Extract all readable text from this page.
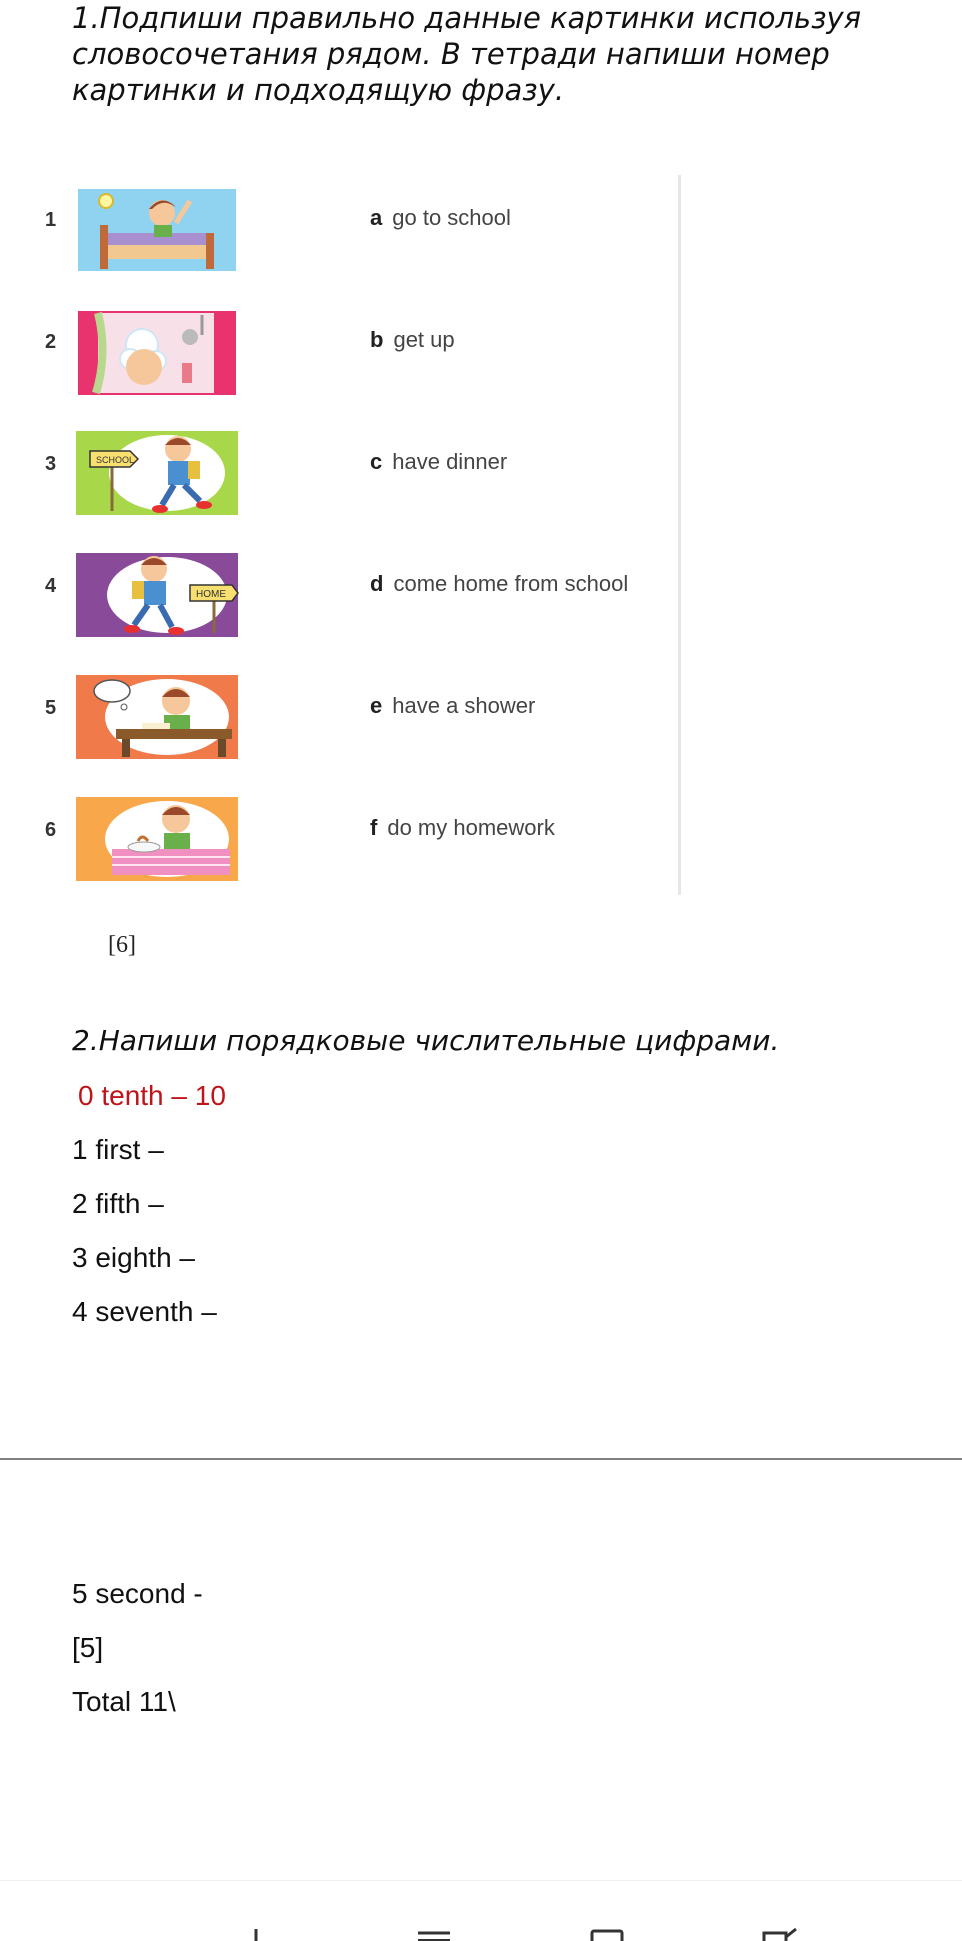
1.Подпиши правильно данные картинки используя словосочетания рядом. В тетради напиши номер картинки и подходящую фразу.
1	a go to school
2	b get up
3	SCHOOL	c have dinner
4	HOME	d come home from school
5	e have a shower
6	f do my homework
[6]
2.Напиши порядковые числительные цифрами.
0 tenth – 10
1 first –
2 fifth –
3 eighth –
4 seventh –
5 second -
[5]
Total 11\
